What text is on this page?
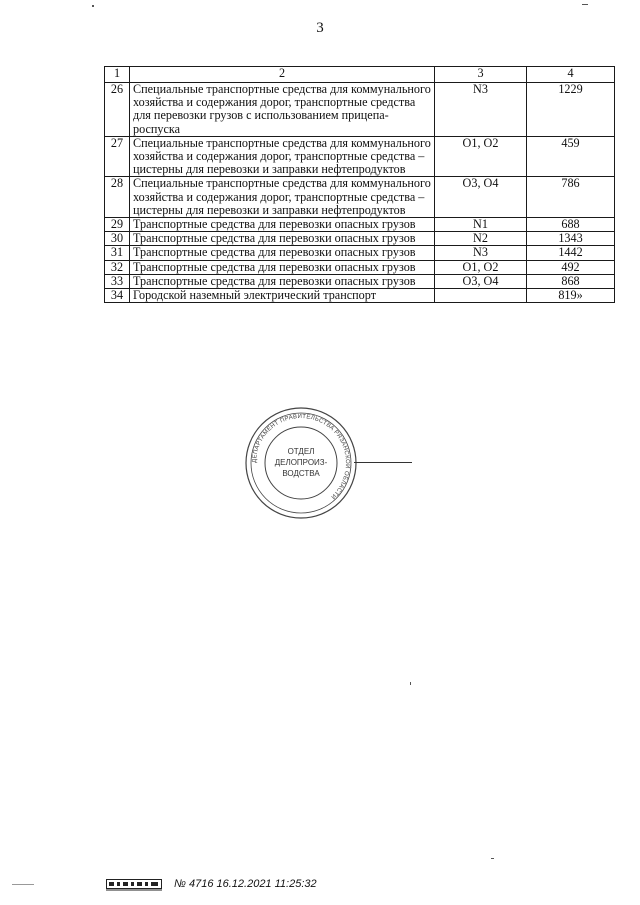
3
1	2	3	4
26	Специальные транспортные средства для коммунального хозяйства и содержания дорог, транспортные средства для перевозки грузов с использованием прицепа-роспуска	N3	1229
27	Специальные транспортные средства для коммунального хозяйства и содержания дорог, транспортные средства – цистерны для перевозки и заправки нефтепродуктов	O1, O2	459
28	Специальные транспортные средства для коммунального хозяйства и содержания дорог, транспортные средства – цистерны для перевозки и заправки нефтепродуктов	O3, O4	786
29	Транспортные средства для перевозки опасных грузов	N1	688
30	Транспортные средства для перевозки опасных грузов	N2	1343
31	Транспортные средства для перевозки опасных грузов	N3	1442
32	Транспортные средства для перевозки опасных грузов	O1, O2	492
33	Транспортные средства для перевозки опасных грузов	O3, O4	868
34	Городской наземный электрический транспорт		819»
ДЕПАРТАМЕНТ ПРАВИТЕЛЬСТВА РЯЗАНСКОЙ ОБЛАСТИ
ОТДЕЛ
ДЕЛОПРОИЗ-
ВОДСТВА
№ 4716 16.12.2021 11:25:32
